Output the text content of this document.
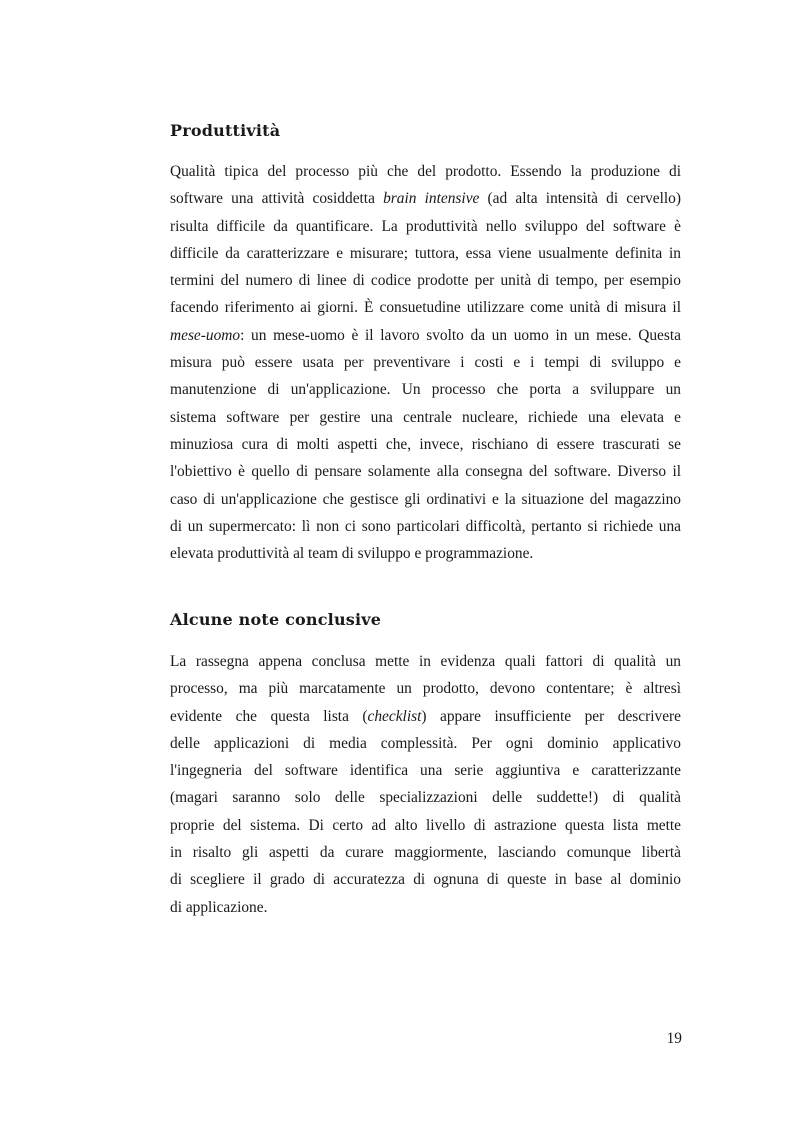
Produttività
Qualità tipica del processo più che del prodotto. Essendo la produzione di
software una attività cosiddetta brain intensive (ad alta intensità di cervello)
risulta difficile da quantificare. La produttività nello sviluppo del software è
difficile da caratterizzare e misurare; tuttora, essa viene usualmente definita in
termini del numero di linee di codice prodotte per unità di tempo, per esempio
facendo riferimento ai giorni. È consuetudine utilizzare come unità di misura il
mese-uomo: un mese-uomo è il lavoro svolto da un uomo in un mese. Questa
misura può essere usata per preventivare i costi e i tempi di sviluppo e
manutenzione di un'applicazione. Un processo che porta a sviluppare un
sistema software per gestire una centrale nucleare, richiede una elevata e
minuziosa cura di molti aspetti che, invece, rischiano di essere trascurati se
l'obiettivo è quello di pensare solamente alla consegna del software. Diverso il
caso di un'applicazione che gestisce gli ordinativi e la situazione del magazzino
di un supermercato: lì non ci sono particolari difficoltà, pertanto si richiede una
elevata produttività al team di sviluppo e programmazione.
Alcune note conclusive
La rassegna appena conclusa mette in evidenza quali fattori di qualità un
processo, ma più marcatamente un prodotto, devono contentare; è altresì
evidente che questa lista (checklist) appare insufficiente per descrivere
delle applicazioni di media complessità. Per ogni dominio applicativo
l'ingegneria del software identifica una serie aggiuntiva e caratterizzante
(magari saranno solo delle specializzazioni delle suddette!) di qualità
proprie del sistema. Di certo ad alto livello di astrazione questa lista mette
in risalto gli aspetti da curare maggiormente, lasciando comunque libertà
di scegliere il grado di accuratezza di ognuna di queste in base al dominio
di applicazione.
19
